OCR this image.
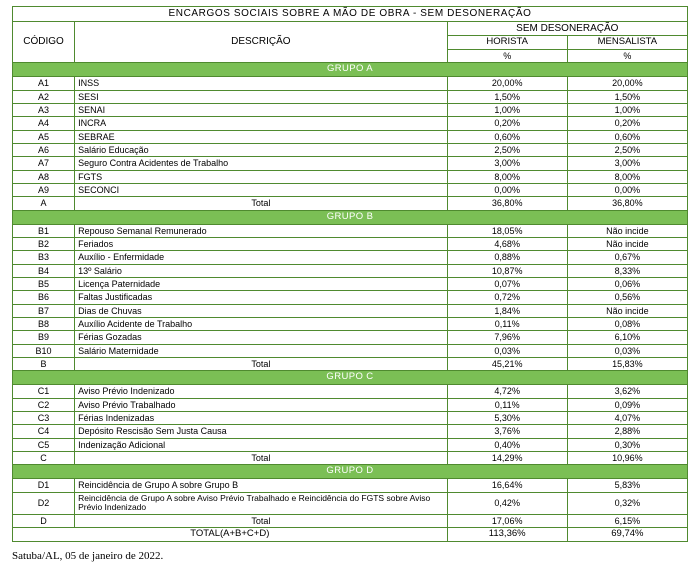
ENCARGOS SOCIAIS SOBRE A MÃO DE OBRA - SEM DESONERAÇÃO			
CÓDIGO	DESCRIÇÃO	SEM DESONERAÇÃO	
		HORISTA	MENSALISTA
		%	%
GRUPO A			
A1	INSS	20,00%	20,00%
A2	SESI	1,50%	1,50%
A3	SENAI	1,00%	1,00%
A4	INCRA	0,20%	0,20%
A5	SEBRAE	0,60%	0,60%
A6	Salário Educação	2,50%	2,50%
A7	Seguro Contra Acidentes de Trabalho	3,00%	3,00%
A8	FGTS	8,00%	8,00%
A9	SECONCI	0,00%	0,00%
A	Total	36,80%	36,80%
GRUPO B			
B1	Repouso Semanal Remunerado	18,05%	Não incide
B2	Feriados	4,68%	Não incide
B3	Auxílio - Enfermidade	0,88%	0,67%
B4	13º Salário	10,87%	8,33%
B5	Licença Paternidade	0,07%	0,06%
B6	Faltas Justificadas	0,72%	0,56%
B7	Dias de Chuvas	1,84%	Não incide
B8	Auxílio Acidente de Trabalho	0,11%	0,08%
B9	Férias Gozadas	7,96%	6,10%
B10	Salário Maternidade	0,03%	0,03%
B	Total	45,21%	15,83%
GRUPO C			
C1	Aviso Prévio Indenizado	4,72%	3,62%
C2	Aviso Prévio Trabalhado	0,11%	0,09%
C3	Férias Indenizadas	5,30%	4,07%
C4	Depósito Rescisão Sem Justa Causa	3,76%	2,88%
C5	Indenização Adicional	0,40%	0,30%
C	Total	14,29%	10,96%
GRUPO D			
D1	Reincidência de Grupo A sobre Grupo B	16,64%	5,83%
D2	Reincidência de Grupo A sobre Aviso Prévio Trabalhado e Reincidência do FGTS sobre Aviso Prévio Indenizado	0,42%	0,32%
D	Total	17,06%	6,15%
TOTAL(A+B+C+D)		113,36%	69,74%
Satuba/AL, 05 de janeiro de 2022.
